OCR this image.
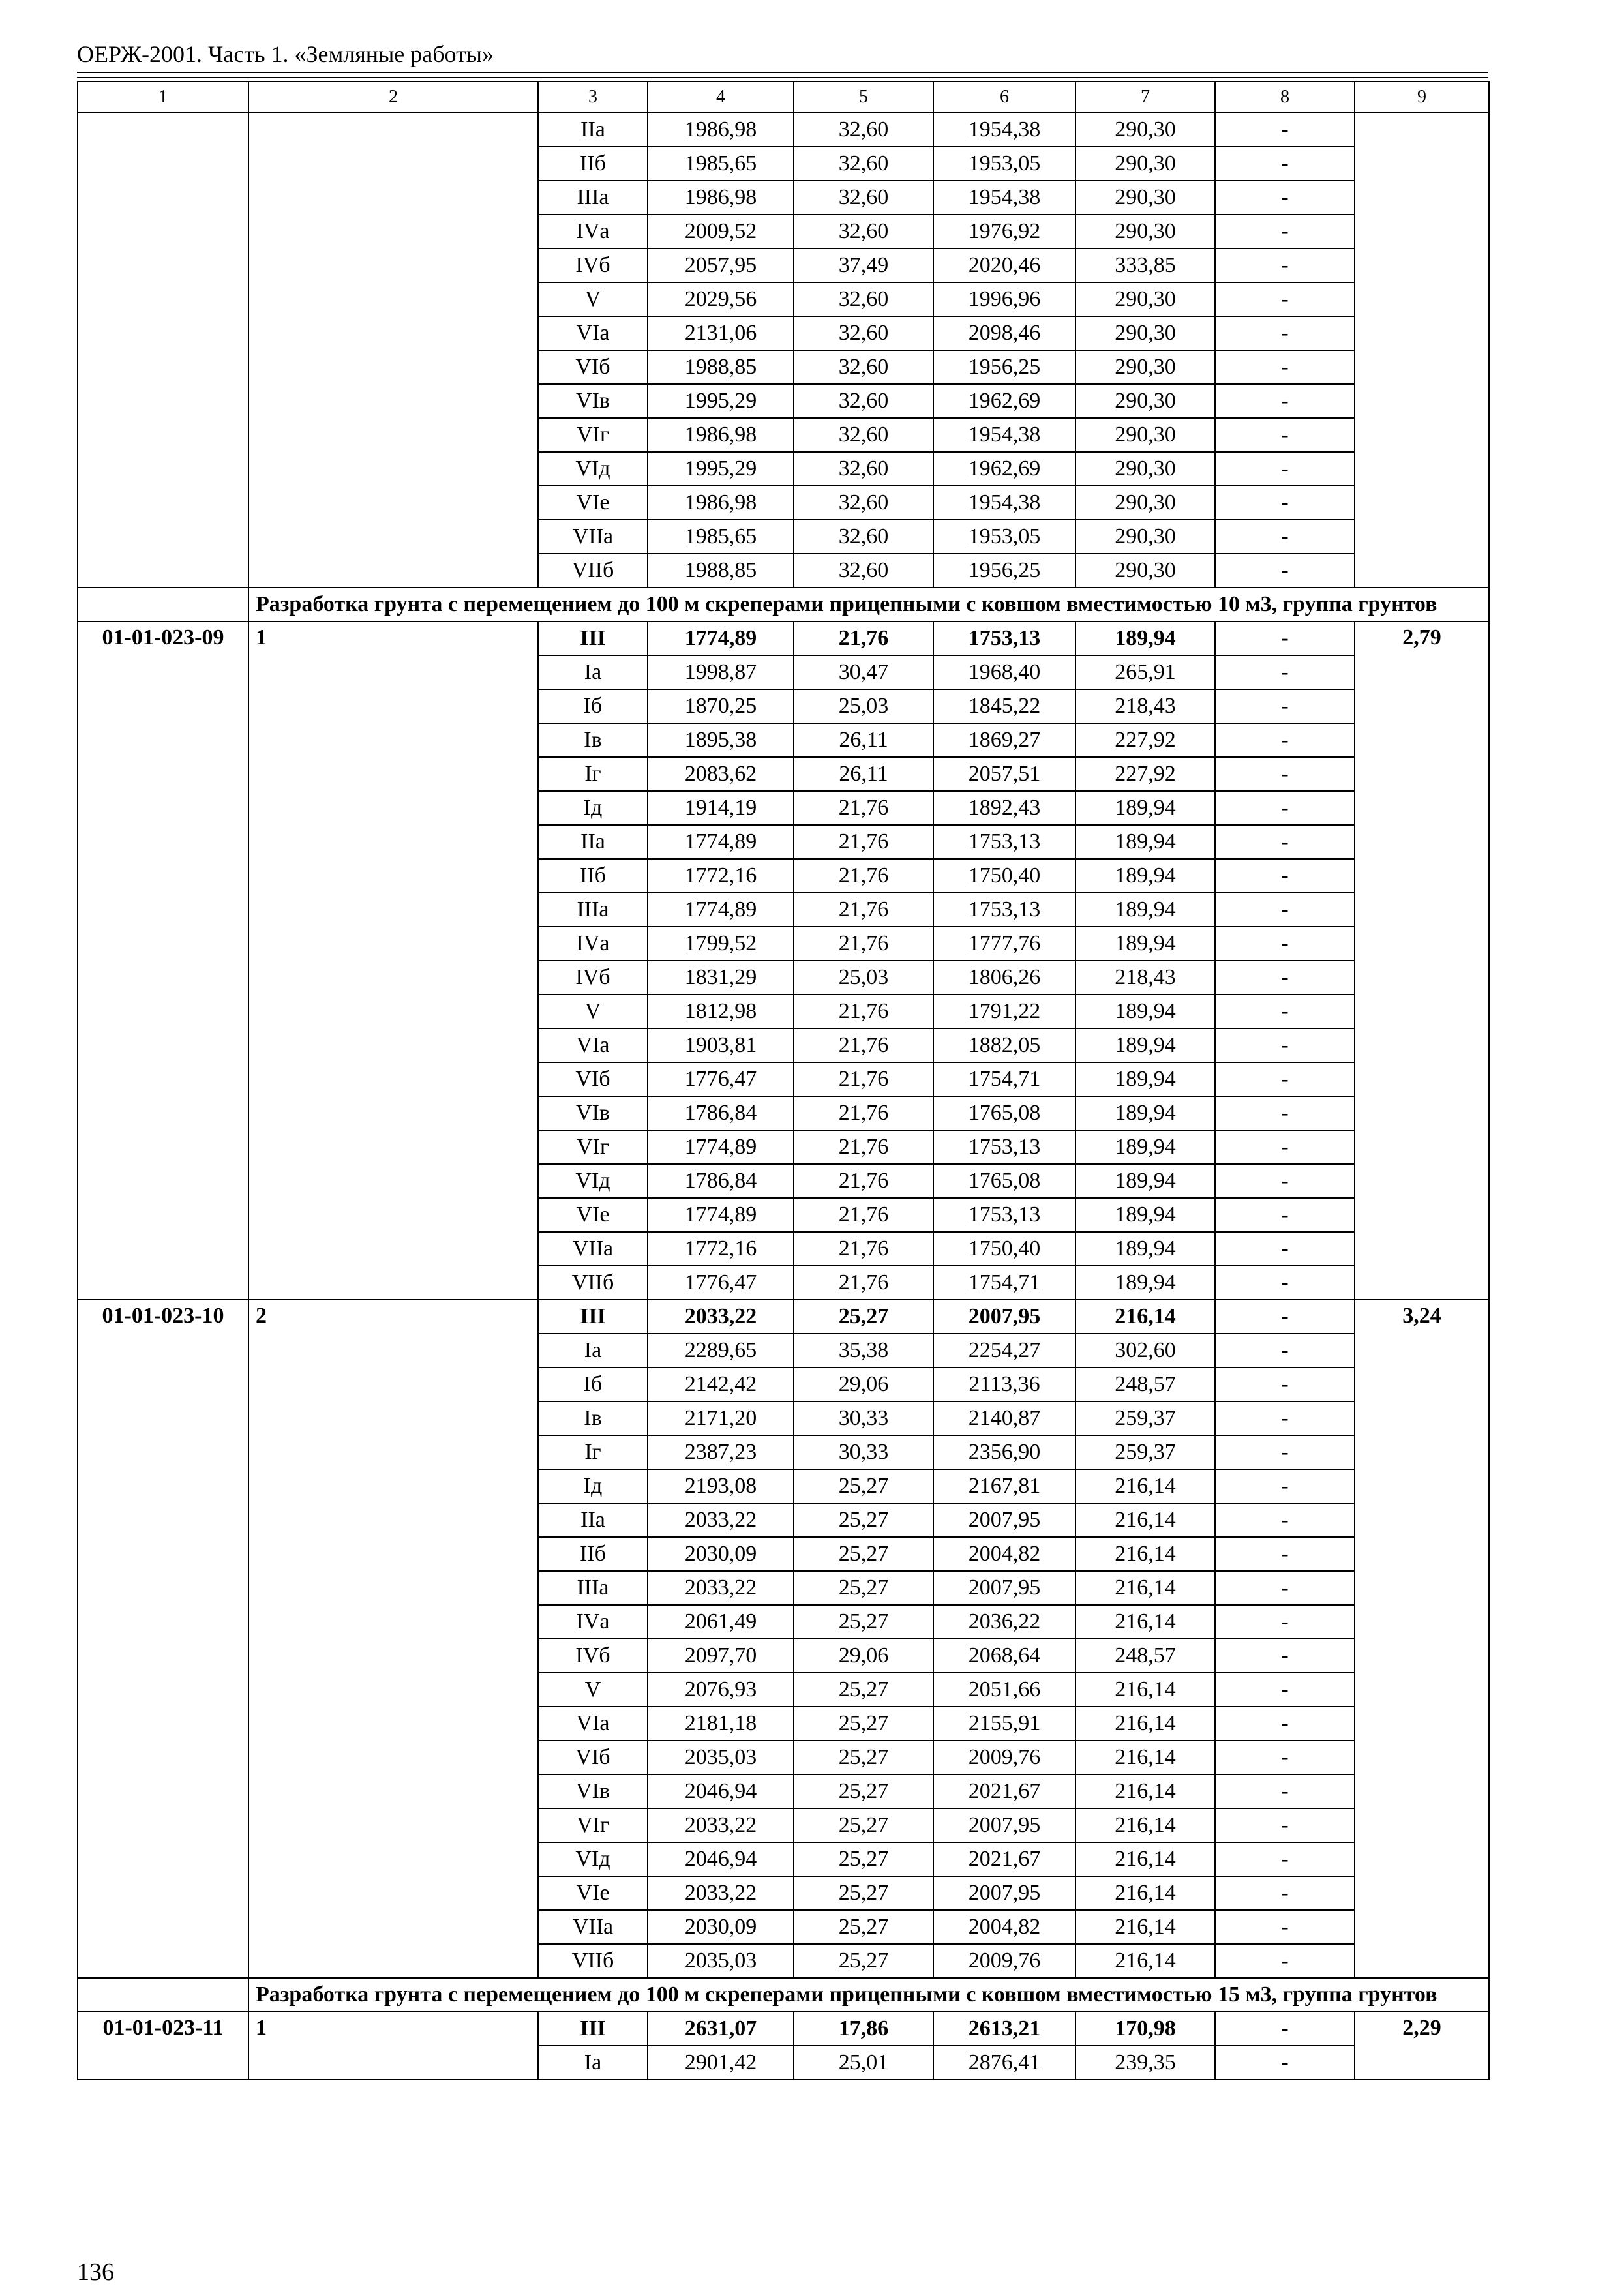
ОЕРЖ-2001. Часть 1. «Земляные работы»
1	2	3	4	5	6	7	8	9
		IIа	1986,98	32,60	1954,38	290,30	-	
		IIб	1985,65	32,60	1953,05	290,30	-	
		IIIа	1986,98	32,60	1954,38	290,30	-	
		IVа	2009,52	32,60	1976,92	290,30	-	
		IVб	2057,95	37,49	2020,46	333,85	-	
		V	2029,56	32,60	1996,96	290,30	-	
		VIа	2131,06	32,60	2098,46	290,30	-	
		VIб	1988,85	32,60	1956,25	290,30	-	
		VIв	1995,29	32,60	1962,69	290,30	-	
		VIг	1986,98	32,60	1954,38	290,30	-	
		VIд	1995,29	32,60	1962,69	290,30	-	
		VIе	1986,98	32,60	1954,38	290,30	-	
		VIIа	1985,65	32,60	1953,05	290,30	-	
		VIIб	1988,85	32,60	1956,25	290,30	-	
	Разработка грунта с перемещением до 100 м скреперами прицепными с ковшом вместимостью 10 м3, группа грунтов							
01-01-023-09	1	III	1774,89	21,76	1753,13	189,94	-	2,79
		Iа	1998,87	30,47	1968,40	265,91	-	
		Iб	1870,25	25,03	1845,22	218,43	-	
		Iв	1895,38	26,11	1869,27	227,92	-	
		Iг	2083,62	26,11	2057,51	227,92	-	
		Iд	1914,19	21,76	1892,43	189,94	-	
		IIа	1774,89	21,76	1753,13	189,94	-	
		IIб	1772,16	21,76	1750,40	189,94	-	
		IIIа	1774,89	21,76	1753,13	189,94	-	
		IVа	1799,52	21,76	1777,76	189,94	-	
		IVб	1831,29	25,03	1806,26	218,43	-	
		V	1812,98	21,76	1791,22	189,94	-	
		VIа	1903,81	21,76	1882,05	189,94	-	
		VIб	1776,47	21,76	1754,71	189,94	-	
		VIв	1786,84	21,76	1765,08	189,94	-	
		VIг	1774,89	21,76	1753,13	189,94	-	
		VIд	1786,84	21,76	1765,08	189,94	-	
		VIе	1774,89	21,76	1753,13	189,94	-	
		VIIа	1772,16	21,76	1750,40	189,94	-	
		VIIб	1776,47	21,76	1754,71	189,94	-	
01-01-023-10	2	III	2033,22	25,27	2007,95	216,14	-	3,24
		Iа	2289,65	35,38	2254,27	302,60	-	
		Iб	2142,42	29,06	2113,36	248,57	-	
		Iв	2171,20	30,33	2140,87	259,37	-	
		Iг	2387,23	30,33	2356,90	259,37	-	
		Iд	2193,08	25,27	2167,81	216,14	-	
		IIа	2033,22	25,27	2007,95	216,14	-	
		IIб	2030,09	25,27	2004,82	216,14	-	
		IIIа	2033,22	25,27	2007,95	216,14	-	
		IVа	2061,49	25,27	2036,22	216,14	-	
		IVб	2097,70	29,06	2068,64	248,57	-	
		V	2076,93	25,27	2051,66	216,14	-	
		VIа	2181,18	25,27	2155,91	216,14	-	
		VIб	2035,03	25,27	2009,76	216,14	-	
		VIв	2046,94	25,27	2021,67	216,14	-	
		VIг	2033,22	25,27	2007,95	216,14	-	
		VIд	2046,94	25,27	2021,67	216,14	-	
		VIе	2033,22	25,27	2007,95	216,14	-	
		VIIа	2030,09	25,27	2004,82	216,14	-	
		VIIб	2035,03	25,27	2009,76	216,14	-	
	Разработка грунта с перемещением до 100 м скреперами прицепными с ковшом вместимостью 15 м3, группа грунтов							
01-01-023-11	1	III	2631,07	17,86	2613,21	170,98	-	2,29
		Iа	2901,42	25,01	2876,41	239,35	-	
136
